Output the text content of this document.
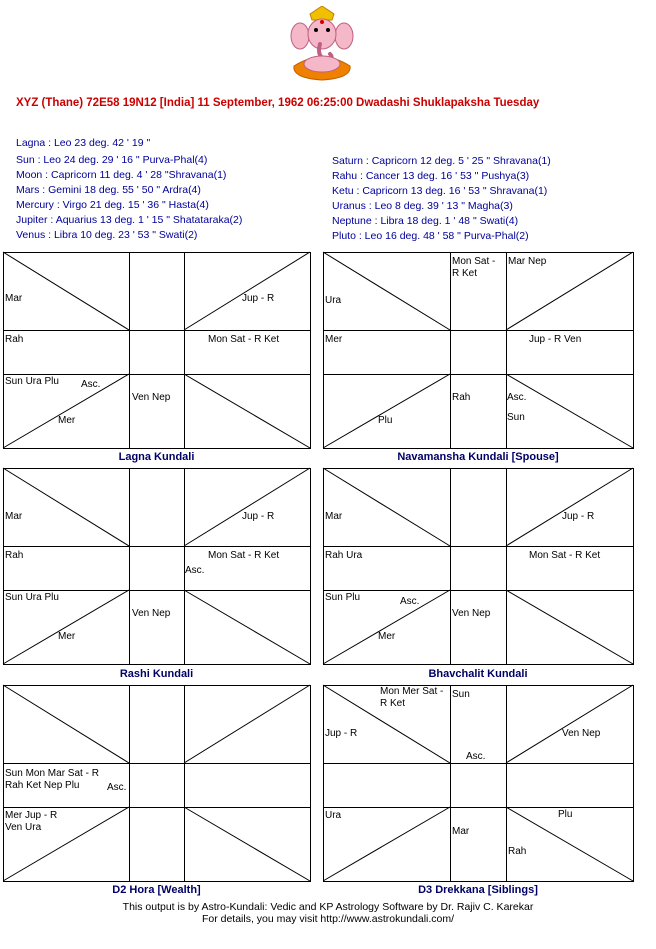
XYZ (Thane) 72E58 19N12 [India] 11 September, 1962 06:25:00 Dwadashi Shuklapaksha Tuesday
Lagna : Leo 23 deg. 42 ' 19 "
Sun : Leo 24 deg. 29 ' 16 " Purva-Phal(4)
Moon : Capricorn 11 deg. 4 ' 28 "Shravana(1)
Mars : Gemini 18 deg. 55 ' 50 " Ardra(4)
Mercury : Virgo 21 deg. 15 ' 36 " Hasta(4)
Jupiter : Aquarius 13 deg. 1 ' 15 " Shatataraka(2)
Venus : Libra 10 deg. 23 ' 53 " Swati(2)
Saturn : Capricorn 12 deg. 5 ' 25 " Shravana(1)
Rahu : Cancer 13 deg. 16 ' 53 " Pushya(3)
Ketu : Capricorn 13 deg. 16 ' 53 " Shravana(1)
Uranus : Leo 8 deg. 39 ' 13 " Magha(3)
Neptune : Libra 18 deg. 1 ' 48 " Swati(4)
Pluto : Leo 16 deg. 48 ' 58 " Purva-Phal(2)
Mar	Jup - R
Rah	Mon Sat - R Ket
Sun Ura Plu Asc.
Mer
Ven Nep
Lagna Kundali
Mon Sat -
R Ket
Mar Nep
Ura
Mer	Jup - R Ven
Rah	Asc.
Sun
Plu
Navamansha Kundali [Spouse]
Mar	Jup - R
Rah	Mon Sat - R Ket
Asc.
Sun Ura Plu
Mer
Ven Nep
Rashi Kundali
Mar	Jup - R
Rah Ura	Mon Sat - R Ket
Sun Plu	Asc.
Mer
Ven Nep
Bhavchalit Kundali
Sun Mon Mar Sat - R
Rah Ket Nep Plu	Asc.
Mer Jup - R
Ven Ura
D2 Hora [Wealth]
Mon Mer Sat -
R Ket
Sun
Jup - R	Ven Nep
Asc.
Ura	Plu
Mar
Rah
D3 Drekkana [Siblings]
This output is by Astro-Kundali: Vedic and KP Astrology Software by Dr. Rajiv C. Karekar
For details, you may visit http://www.astrokundali.com/
